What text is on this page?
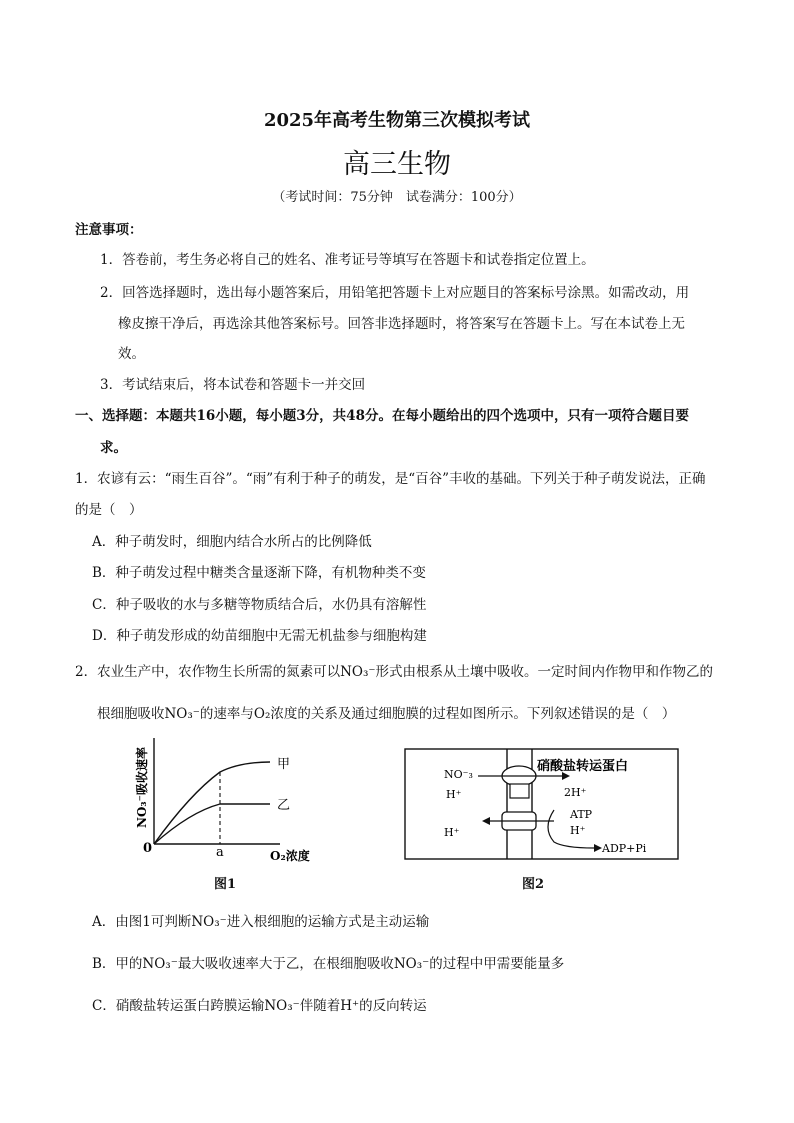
2025年高考生物第三次模拟考试
高三生物
（考试时间：75分钟　试卷满分：100分）
注意事项：
1．答卷前，考生务必将自己的姓名、准考证号等填写在答题卡和试卷指定位置上。
2．回答选择题时，选出每小题答案后，用铅笔把答题卡上对应题目的答案标号涂黑。如需改动，用
橡皮擦干净后，再选涂其他答案标号。回答非选择题时，将答案写在答题卡上。写在本试卷上无
效。
3．考试结束后，将本试卷和答题卡一并交回
一、选择题：本题共16小题，每小题3分，共48分。在每小题给出的四个选项中，只有一项符合题目要
求。
1．农谚有云：“雨生百谷”。“雨”有利于种子的萌发，是“百谷”丰收的基础。下列关于种子萌发说法，正确
的是（　）
A．种子萌发时，细胞内结合水所占的比例降低
B．种子萌发过程中糖类含量逐渐下降，有机物种类不变
C．种子吸收的水与多糖等物质结合后，水仍具有溶解性
D．种子萌发形成的幼苗细胞中无需无机盐参与细胞构建
2．农业生产中，农作物生长所需的氮素可以NO₃⁻形式由根系从土壤中吸收。一定时间内作物甲和作物乙的
根细胞吸收NO₃⁻的速率与O₂浓度的关系及通过细胞膜的过程如图所示。下列叙述错误的是（　）
0	a
甲
乙
O₂浓度
NO₃⁻吸收速率
图1
硝酸盐转运蛋白
NO⁻₃
H⁺	2H⁺
H⁺
ATP
H⁺
ADP+Pi
图2
A．由图1可判断NO₃⁻进入根细胞的运输方式是主动运输
B．甲的NO₃⁻最大吸收速率大于乙，在根细胞吸收NO₃⁻的过程中甲需要能量多
C．硝酸盐转运蛋白跨膜运输NO₃⁻伴随着H⁺的反向转运
